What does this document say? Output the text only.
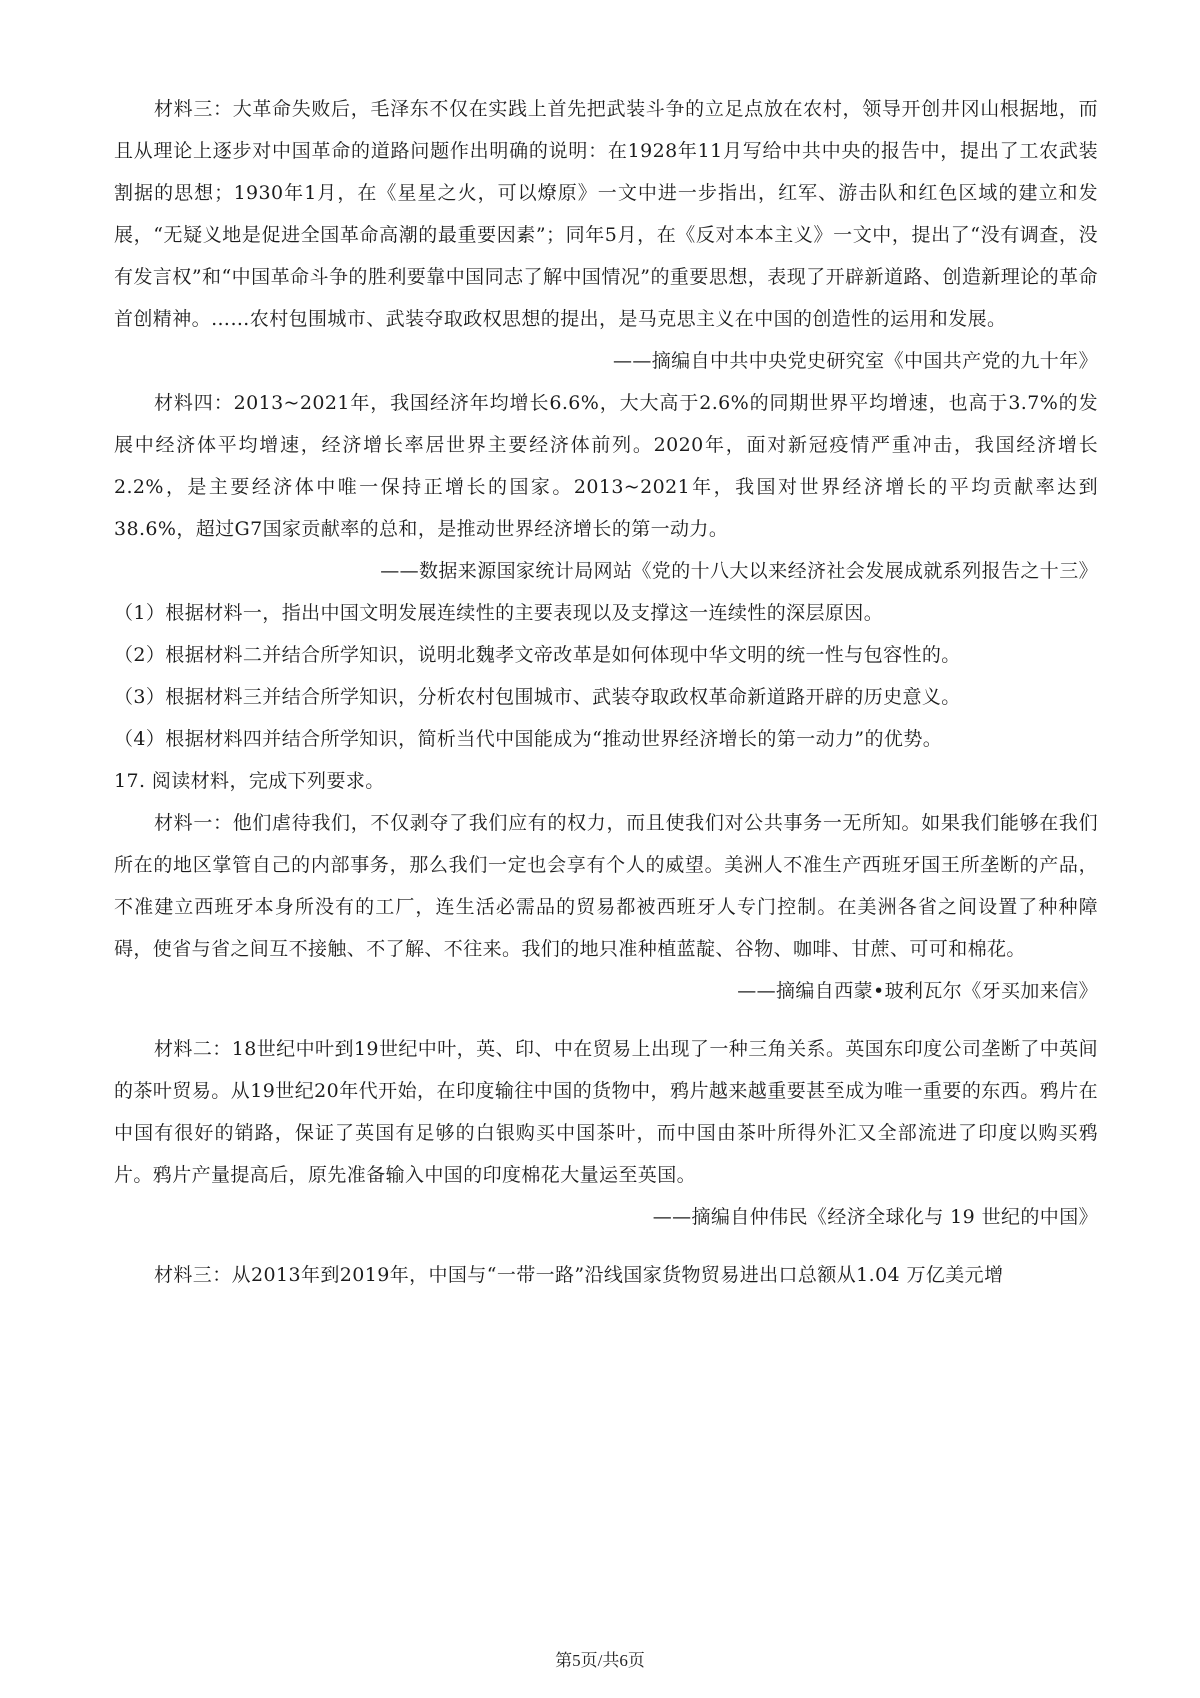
材料三：大革命失败后，毛泽东不仅在实践上首先把武装斗争的立足点放在农村，领导开创井冈山根据地，而且从理论上逐步对中国革命的道路问题作出明确的说明：在1928年11月写给中共中央的报告中，提出了工农武装割据的思想；1930年1月，在《星星之火，可以燎原》一文中进一步指出，红军、游击队和红色区域的建立和发展，“无疑义地是促进全国革命高潮的最重要因素”；同年5月，在《反对本本主义》一文中，提出了“没有调查，没有发言权”和“中国革命斗争的胜利要靠中国同志了解中国情况”的重要思想，表现了开辟新道路、创造新理论的革命首创精神。……农村包围城市、武装夺取政权思想的提出，是马克思主义在中国的创造性的运用和发展。

——摘编自中共中央党史研究室《中国共产党的九十年》

材料四：2013~2021年，我国经济年均增长6.6%，大大高于2.6%的同期世界平均增速，也高于3.7%的发展中经济体平均增速，经济增长率居世界主要经济体前列。2020年，面对新冠疫情严重冲击，我国经济增长2.2%，是主要经济体中唯一保持正增长的国家。2013~2021年，我国对世界经济增长的平均贡献率达到38.6%，超过G7国家贡献率的总和，是推动世界经济增长的第一动力。

——数据来源国家统计局网站《党的十八大以来经济社会发展成就系列报告之十三》

（1）根据材料一，指出中国文明发展连续性的主要表现以及支撑这一连续性的深层原因。

（2）根据材料二并结合所学知识，说明北魏孝文帝改革是如何体现中华文明的统一性与包容性的。

（3）根据材料三并结合所学知识，分析农村包围城市、武装夺取政权革命新道路开辟的历史意义。

（4）根据材料四并结合所学知识，简析当代中国能成为“推动世界经济增长的第一动力”的优势。

17. 阅读材料，完成下列要求。

材料一：他们虐待我们，不仅剥夺了我们应有的权力，而且使我们对公共事务一无所知。如果我们能够在我们所在的地区掌管自己的内部事务，那么我们一定也会享有个人的威望。美洲人不准生产西班牙国王所垄断的产品，不准建立西班牙本身所没有的工厂，连生活必需品的贸易都被西班牙人专门控制。在美洲各省之间设置了种种障碍，使省与省之间互不接触、不了解、不往来。我们的地只准种植蓝靛、谷物、咖啡、甘蔗、可可和棉花。

——摘编自西蒙•玻利瓦尔《牙买加来信》

材料二：18世纪中叶到19世纪中叶，英、印、中在贸易上出现了一种三角关系。英国东印度公司垄断了中英间的茶叶贸易。从19世纪20年代开始，在印度输往中国的货物中，鸦片越来越重要甚至成为唯一重要的东西。鸦片在中国有很好的销路，保证了英国有足够的白银购买中国茶叶，而中国由茶叶所得外汇又全部流进了印度以购买鸦片。鸦片产量提高后，原先准备输入中国的印度棉花大量运至英国。

——摘编自仲伟民《经济全球化与 19 世纪的中国》

材料三：从2013年到2019年，中国与“一带一路”沿线国家货物贸易进出口总额从1.04 万亿美元增

第5页/共6页
